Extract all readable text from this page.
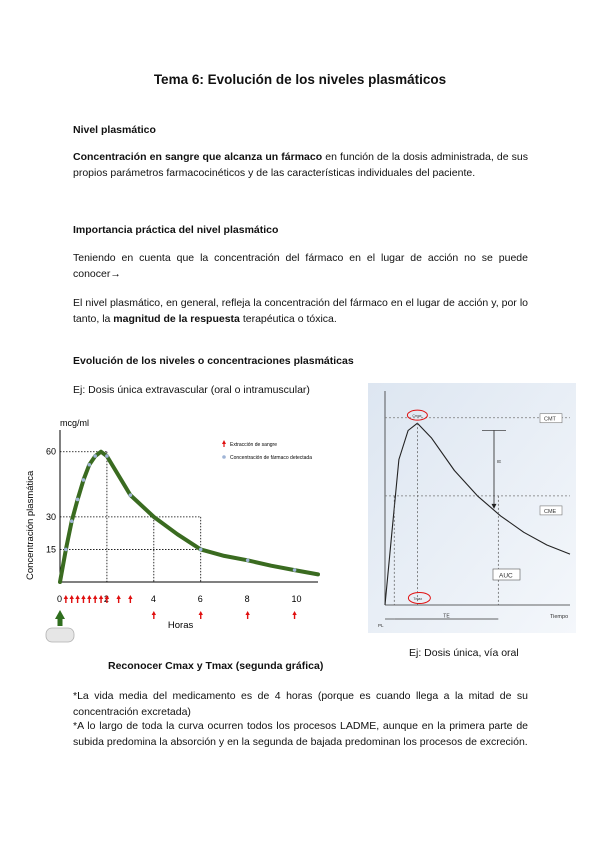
Tema 6: Evolución de los niveles plasmáticos
Nivel plasmático
Concentración en sangre que alcanza un fármaco en función de la dosis administrada, de sus propios parámetros farmacocinéticos y de las características individuales del paciente.
Importancia práctica del nivel plasmático
Teniendo en cuenta que la concentración del fármaco en el lugar de acción no se puede conocer→
El nivel plasmático, en general, refleja la concentración del fármaco en el lugar de acción y, por lo tanto, la magnitud de la respuesta terapéutica o tóxica.
Evolución de los niveles o concentraciones plasmáticas
Ej: Dosis única extravascular (oral o intramuscular)
mcg/ml
Concentración plasmática 15
30
60
0	4	6	8	10
Horas
Extracción de sangre
Concentración de fármaco detectada
Tiempo
CMT
CME
Cmax
Tmax
IE
AUC
TE
PL
Reconocer Cmax y Tmax (segunda gráfica)
Ej: Dosis única, vía oral
*La vida media del medicamento es de 4 horas (porque es cuando llega a la mitad de su concentración excretada)
*A lo largo de toda la curva ocurren todos los procesos LADME, aunque en la primera parte de subida predomina la absorción y en la segunda de bajada predominan los procesos de excreción.
